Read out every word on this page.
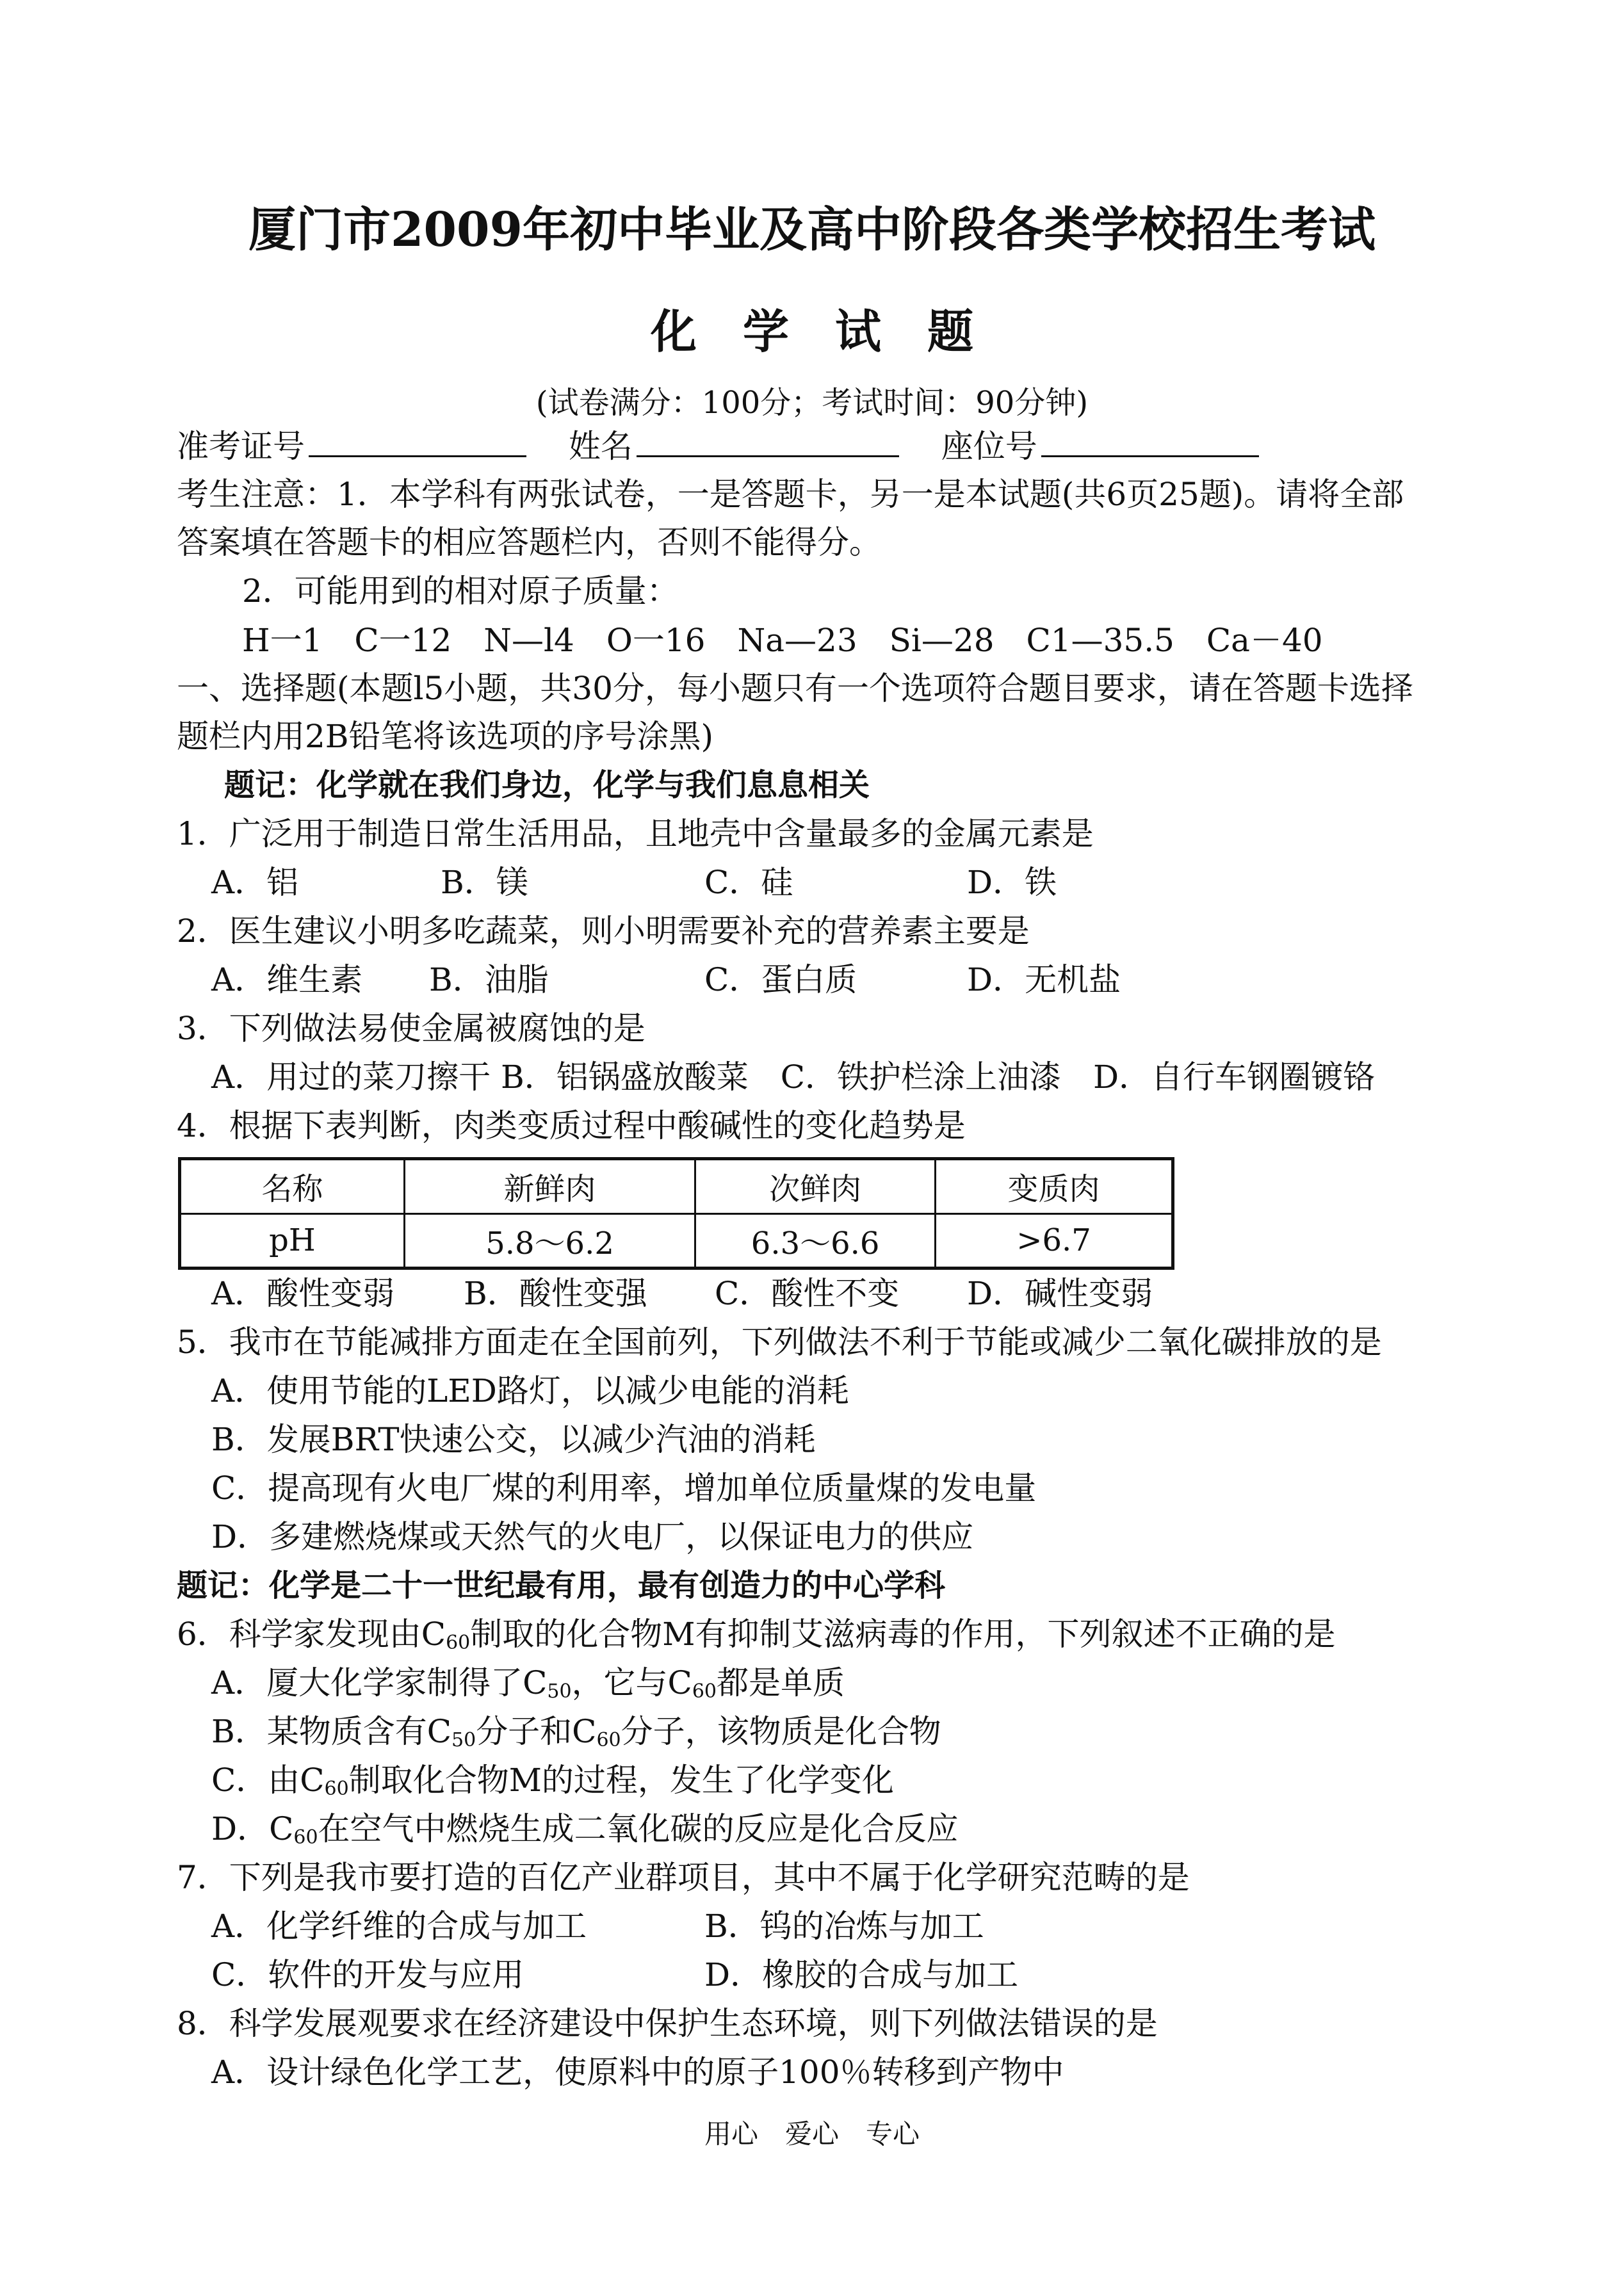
厦门市2009年初中毕业及高中阶段各类学校招生考试
化　学　试　题
(试卷满分：100分；考试时间：90分钟)
准考证号	姓名	座位号
考生注意：1．本学科有两张试卷，一是答题卡，另一是本试题(共6页25题)。请将全部
答案填在答题卡的相应答题栏内，否则不能得分。
2．可能用到的相对原子质量：
H一1　C一12　N—l4　O一16　Na—23　Si—28　C1—35.5　Ca－40
一、选择题(本题l5小题，共30分，每小题只有一个选项符合题目要求，请在答题卡选择
题栏内用2B铅笔将该选项的序号涂黑)
题记：化学就在我们身边，化学与我们息息相关
1．广泛用于制造日常生活用品，且地壳中含量最多的金属元素是
A．铝	B．镁	C．硅	D．铁
2．医生建议小明多吃蔬菜，则小明需要补充的营养素主要是
A．维生素 B．油脂	C．蛋白质	D．无机盐
3．下列做法易使金属被腐蚀的是
A．用过的菜刀擦干 B．铝锅盛放酸菜　C．铁护栏涂上油漆　D．自行车钢圈镀铬
4．根据下表判断，肉类变质过程中酸碱性的变化趋势是
名称	新鲜肉	次鲜肉	变质肉
pH	5.8～6.2	6.3～6.6	>6.7
A．酸性变弱 B．酸性变强 C．酸性不变 D．碱性变弱
5．我市在节能减排方面走在全国前列，下列做法不利于节能或减少二氧化碳排放的是
A．使用节能的LED路灯，以减少电能的消耗
B．发展BRT快速公交，以减少汽油的消耗
C．提高现有火电厂煤的利用率，增加单位质量煤的发电量
D．多建燃烧煤或天然气的火电厂，以保证电力的供应
题记：化学是二十一世纪最有用，最有创造力的中心学科
6．科学家发现由$C_{60}$制取的化合物M有抑制艾滋病毒的作用，下列叙述不正确的是
A．厦大化学家制得了$C_{50}$，它与$C_{60}$都是单质
B．某物质含有$C_{50}$分子和$C_{60}$分子，该物质是化合物
C．由$C_{60}$制取化合物M的过程，发生了化学变化
D．$C_{60}$在空气中燃烧生成二氧化碳的反应是化合反应
7．下列是我市要打造的百亿产业群项目，其中不属于化学研究范畴的是
A．化学纤维的合成与加工	B．钨的冶炼与加工
C．软件的开发与应用	D．橡胶的合成与加工
8．科学发展观要求在经济建设中保护生态环境，则下列做法错误的是
A．设计绿色化学工艺，使原料中的原子100％转移到产物中
用心　爱心　专心
